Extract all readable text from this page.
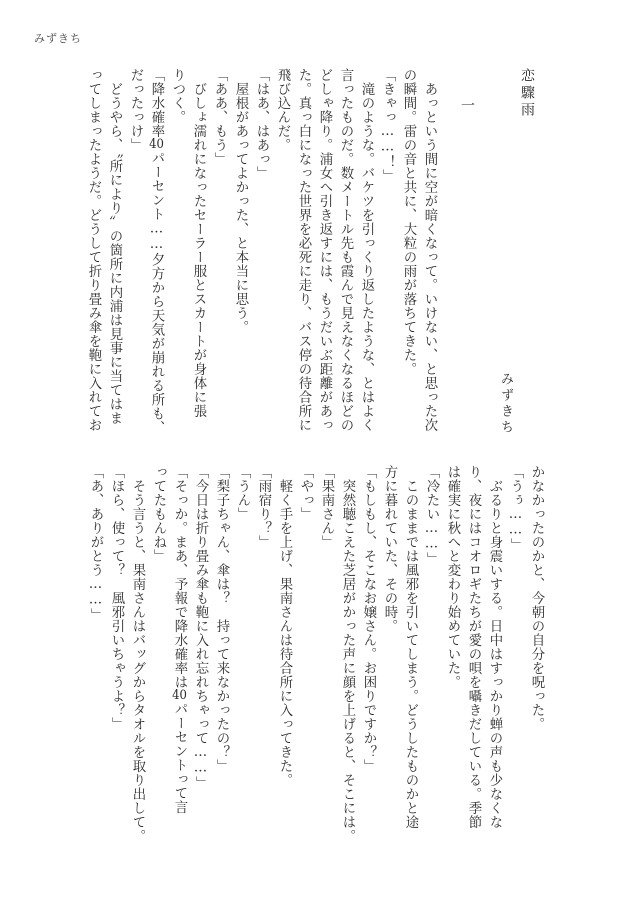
みずきち
恋驟雨
みずきち
一
　あっという間に空が暗くなって。いけない、と思った次
の瞬間。雷の音と共に、大粒の雨が落ちてきた。
「きゃっ……！」
　滝のような。バケツを引っくり返したような、とはよく
言ったものだ。数メートル先も霞んで見えなくなるほどの
どしゃ降り。浦女へ引き返すには、もうだいぶ距離があっ
た。真っ白になった世界を必死に走り、バス停の待合所に
飛び込んだ。
「はあ、はあっ」
　屋根があってよかった、と本当に思う。
「ああ、もう」
　びしょ濡れになったセーラー服とスカートが身体に張
りつく。
「降水確率40パーセント……夕方から天気が崩れる所も、
だったっけ」
　どうやら、〝所により〟の箇所に内浦は見事に当てはま
ってしまったようだ。どうして折り畳み傘を鞄に入れてお
かなかったのかと、今朝の自分を呪った。
「うぅ……」
　ぶるりと身震いする。日中はすっかり蝉の声も少なくな
り、夜にはコオロギたちが愛の唄を囁きだしている。季節
は確実に秋へと変わり始めていた。
「冷たい……」
　このままでは風邪を引いてしまう。どうしたものかと途
方に暮れていた、その時。
「もしもし、そこなお嬢さん。お困りですか？」
　突然聴こえた芝居がかった声に顔を上げると、そこには。
「果南さん」
「やっ」
　軽く手を上げ、果南さんは待合所に入ってきた。
「雨宿り？」
「うん」
「梨子ちゃん、傘は？　持って来なかったの？」
「今日は折り畳み傘も鞄に入れ忘れちゃって……」
「そっか。まあ、予報で降水確率は40パーセントって言
ってたもんね」
　そう言うと、果南さんはバッグからタオルを取り出して。
「ほら、使って？　風邪引いちゃうよ？」
「あ、ありがとう……」
